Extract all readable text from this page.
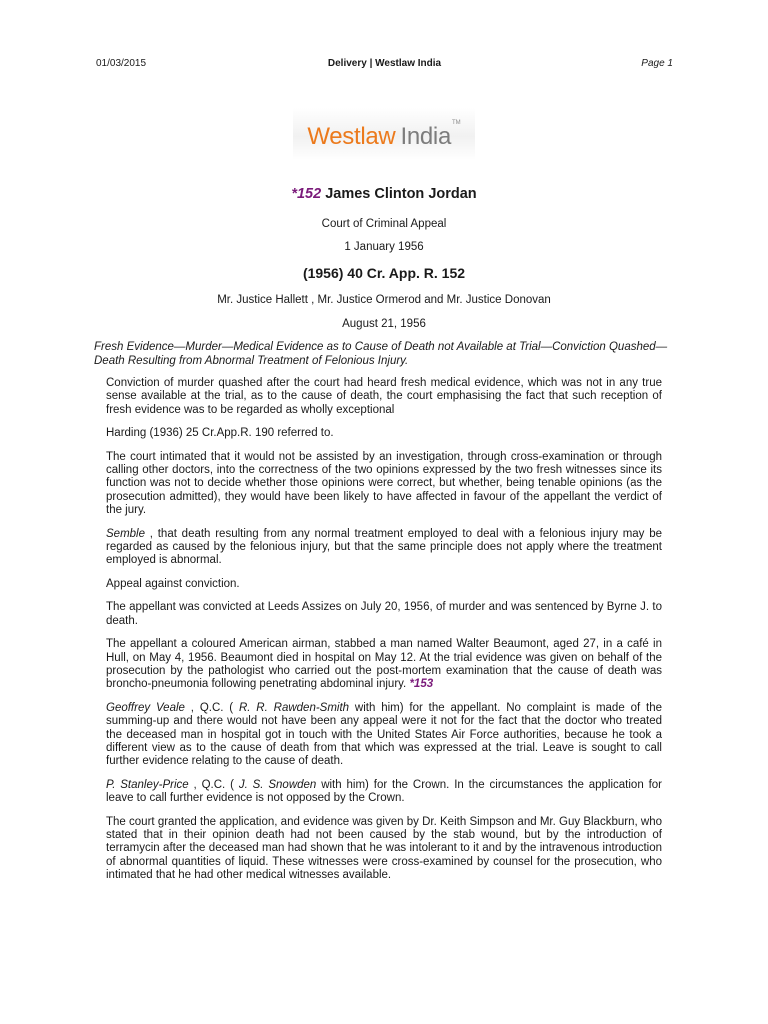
01/03/2015	Delivery | Westlaw India	Page 1
Westlaw India TM
*152 James Clinton Jordan
Court of Criminal Appeal
1 January 1956
(1956) 40 Cr. App. R. 152
Mr. Justice Hallett , Mr. Justice Ormerod and Mr. Justice Donovan
August 21, 1956
Fresh Evidence—Murder—Medical Evidence as to Cause of Death not Available at Trial—Conviction Quashed—Death Resulting from Abnormal Treatment of Felonious Injury.

Conviction of murder quashed after the court had heard fresh medical evidence, which was not in any true sense available at the trial, as to the cause of death, the court emphasising the fact that such reception of fresh evidence was to be regarded as wholly exceptional

Harding (1936) 25 Cr.App.R. 190 referred to.

The court intimated that it would not be assisted by an investigation, through cross-examination or through calling other doctors, into the correctness of the two opinions expressed by the two fresh witnesses since its function was not to decide whether those opinions were correct, but whether, being tenable opinions (as the prosecution admitted), they would have been likely to have affected in favour of the appellant the verdict of the jury.

Semble , that death resulting from any normal treatment employed to deal with a felonious injury may be regarded as caused by the felonious injury, but that the same principle does not apply where the treatment employed is abnormal.

Appeal against conviction.

The appellant was convicted at Leeds Assizes on July 20, 1956, of murder and was sentenced by Byrne J. to death.

The appellant a coloured American airman, stabbed a man named Walter Beaumont, aged 27, in a café in Hull, on May 4, 1956. Beaumont died in hospital on May 12. At the trial evidence was given on behalf of the prosecution by the pathologist who carried out the post-mortem examination that the cause of death was broncho-pneumonia following penetrating abdominal injury. *153

Geoffrey Veale , Q.C. ( R. R. Rawden-Smith with him) for the appellant. No complaint is made of the summing-up and there would not have been any appeal were it not for the fact that the doctor who treated the deceased man in hospital got in touch with the United States Air Force authorities, because he took a different view as to the cause of death from that which was expressed at the trial. Leave is sought to call further evidence relating to the cause of death.

P. Stanley-Price , Q.C. ( J. S. Snowden with him) for the Crown. In the circumstances the application for leave to call further evidence is not opposed by the Crown.

The court granted the application, and evidence was given by Dr. Keith Simpson and Mr. Guy Blackburn, who stated that in their opinion death had not been caused by the stab wound, but by the introduction of terramycin after the deceased man had shown that he was intolerant to it and by the intravenous introduction of abnormal quantities of liquid. These witnesses were cross-examined by counsel for the prosecution, who intimated that he had other medical witnesses available.
